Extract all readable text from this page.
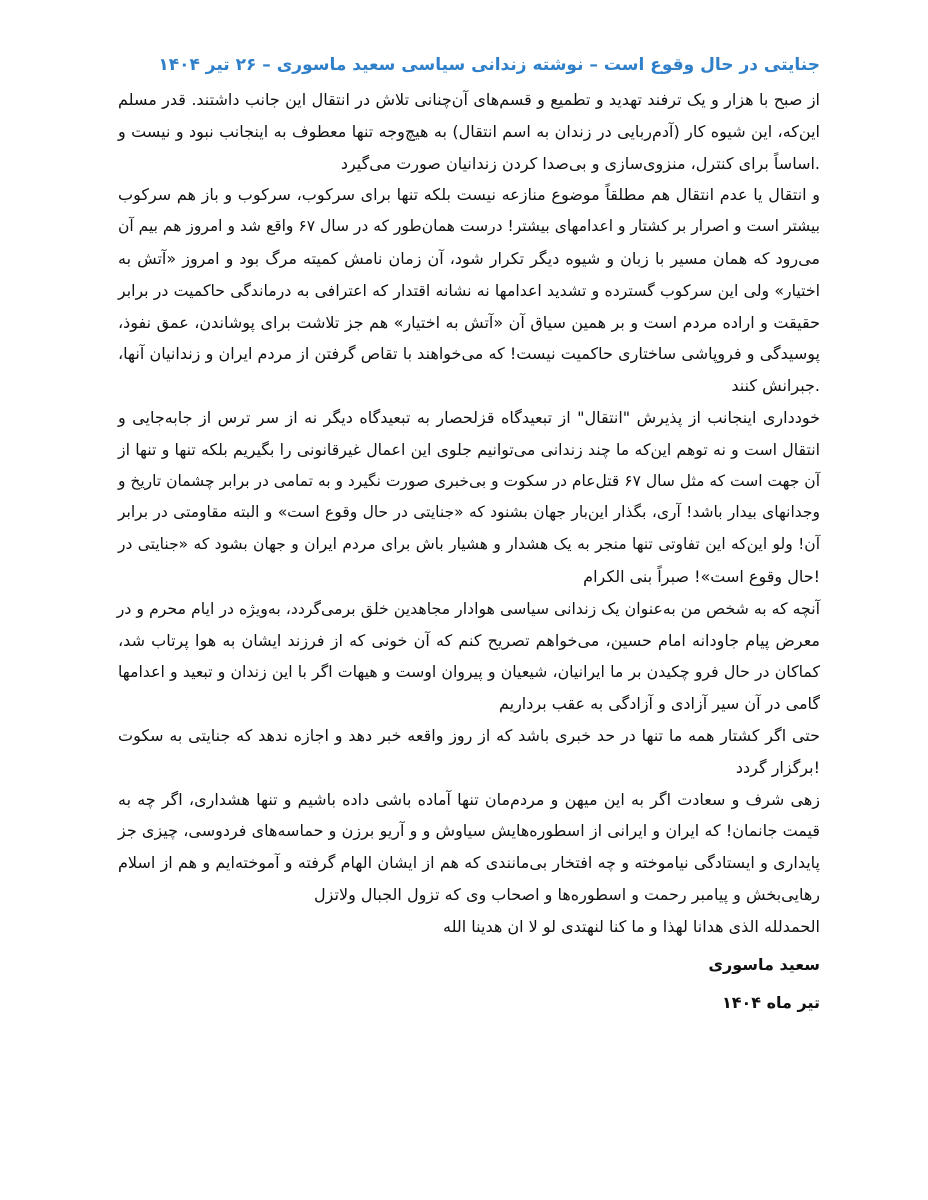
جنایتی در حال وقوع است – نوشته زندانی سیاسی سعید ماسوری – ۲۶ تیر ۱۴۰۴
از صبح با هزار و یک ترفند تهدید و تطمیع و قسم‌های آن‌چنانی تلاش در انتقال این جانب داشتند. قدر مسلم
این‌که، این شیوه کار (آدم‌ربایی در زندان به اسم انتقال) به هیچ‌وجه تنها معطوف به اینجانب نبود و نیست و
.اساساً برای کنترل، منزوی‌سازی و بی‌صدا کردن زندانیان صورت می‌گیرد
و انتقال یا عدم انتقال هم مطلقاً موضوع منازعه نیست بلکه تنها برای سرکوب، سرکوب و باز هم سرکوب
بیشتر است و اصرار بر کشتار و اعدامهای بیشتر! درست همان‌طور که در سال ۶۷ واقع شد و امروز هم بیم آن
می‌رود که همان مسیر با زبان و شیوه دیگر تکرار شود، آن زمان نامش کمیته مرگ بود و امروز «آتش به
اختیار» ولی این سرکوب گسترده و تشدید اعدامها نه نشانه اقتدار که اعترافی به درماندگی حاکمیت در برابر
حقیقت و اراده مردم است و بر همین سیاق آن «آتش به اختیار» هم جز تلاشت برای پوشاندن، عمق نفوذ،
پوسیدگی و فروپاشی ساختاری حاکمیت نیست! که می‌خواهند با تقاص گرفتن از مردم ایران و زندانیان آنها،
.جبرانش کنند
خودداری اینجانب از پذیرش "انتقال" از تبعیدگاه قزلحصار به تبعیدگاه دیگر نه از سر ترس از جابه‌جایی و
انتقال است و نه توهم این‌که ما چند زندانی می‌توانیم جلوی این اعمال غیرقانونی را بگیریم بلکه تنها و تنها از
آن جهت است که مثل سال ۶۷ قتل‌عام در سکوت و بی‌خبری صورت نگیرد و به تمامی در برابر چشمان تاریخ و
وجدانهای بیدار باشد! آری، بگذار این‌بار جهان بشنود که «جنایتی در حال وقوع است» و البته مقاومتی در برابر
آن! ولو این‌که این تفاوتی تنها منجر به یک هشدار و هشیار باش برای مردم ایران و جهان بشود که «جنایتی در
!حال وقوع است»! صبراً بنی الکرام
آنچه که به شخص من به‌عنوان یک زندانی سیاسی هوادار مجاهدین خلق برمی‌گردد، به‌ویژه در ایام محرم و در
معرض پیام جاودانه امام حسین، می‌خواهم تصریح کنم که آن خونی که از فرزند ایشان به هوا پرتاب شد،
کماکان در حال فرو چکیدن بر ما ایرانیان، شیعیان و پیروان اوست و هیهات اگر با این زندان و تبعید و اعدامها
گامی در آن سیر آزادی و آزادگی به عقب برداریم
حتی اگر کشتار همه ما تنها در حد خبری باشد که از روز واقعه خبر دهد و اجازه ندهد که جنایتی به سکوت
!برگزار گردد
زهی شرف و سعادت اگر به این میهن و مردم‌مان تنها آماده باشی داده باشیم و تنها هشداری، اگر چه به
قیمت جانمان! که ایران و ایرانی از اسطوره‌هایش سیاوش و و آریو برزن و حماسه‌های فردوسی، چیزی جز
پایداری و ایستادگی نیاموخته و چه افتخار بی‌مانندی که هم از ایشان الهام گرفته و آموخته‌ایم و هم از اسلام
رهایی‌بخش و پیامبر رحمت و اسطوره‌ها و اصحاب وی که تزول الجبال ولاتزل
الحمدلله الذی هدانا لهذا و ما کنا لنهتدی لو لا ان هدینا الله
سعید ماسوری
تیر ماه ۱۴۰۴
